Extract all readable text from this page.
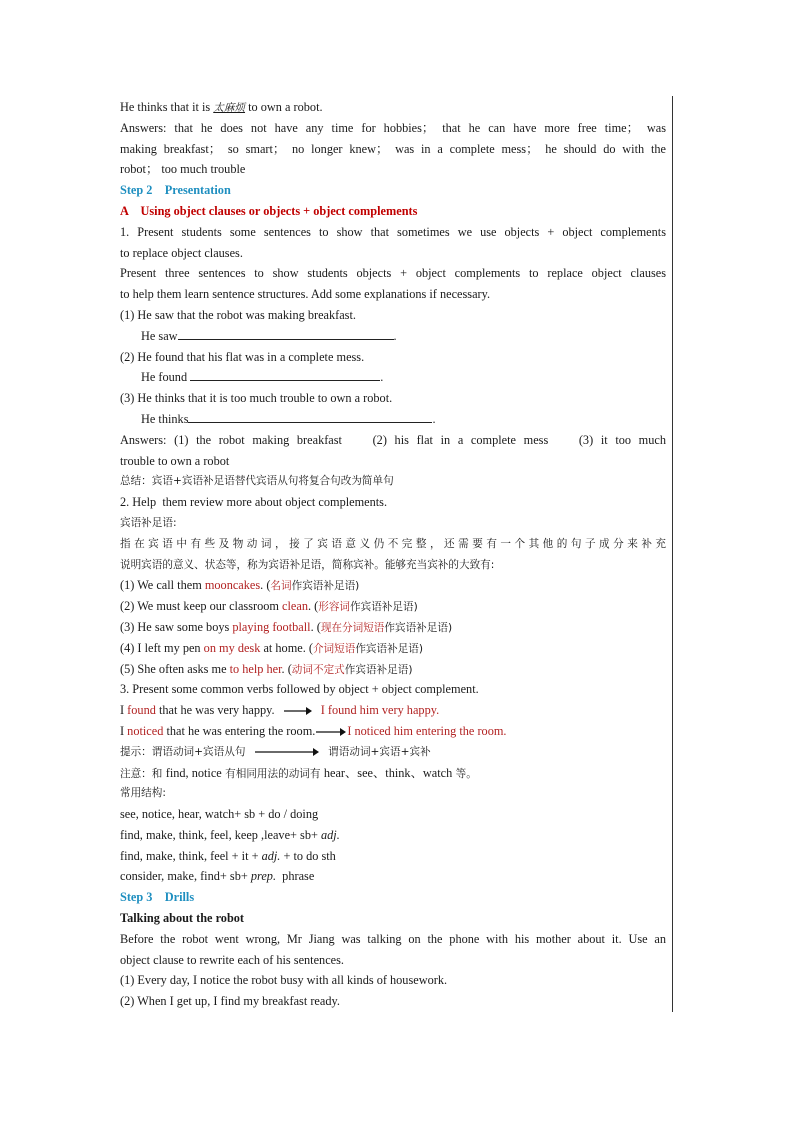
He thinks that it is 太麻烦 to own a robot.
Answers: that he does not have any time for hobbies； that he can have more free time； was
making breakfast； so smart； no longer knew； was in a complete mess； he should do with the
robot； too much trouble
Step 2    Presentation
A    Using object clauses or objects + object complements
1. Present students some sentences to show that sometimes we use objects + object complements
to replace object clauses.
Present three sentences to show students objects + object complements to replace object clauses
to help them learn sentence structures. Add some explanations if necessary.
(1) He saw that the robot was making breakfast.
He saw	.
(2) He found that his flat was in a complete mess.
He found	.
(3) He thinks that it is too much trouble to own a robot.
He thinks	.
Answers: (1) the robot making breakfast    (2) his flat in a complete mess    (3) it too much
trouble to own a robot
总结：宾语+宾语补足语替代宾语从句将复合句改为简单句
2. Help  them review more about object complements.
宾语补足语:
指在宾语中有些及物动词，接了宾语意义仍不完整，还需要有一个其他的句子成分来补充
说明宾语的意义、状态等，称为宾语补足语，简称宾补。能够充当宾补的大致有:
(1) We call them mooncakes. (名词作宾语补足语)
(2) We must keep our classroom clean. (形容词作宾语补足语)
(3) He saw some boys playing football. (现在分词短语作宾语补足语)
(4) I left my pen on my desk at home. (介词短语作宾语补足语)
(5) She often asks me to help her. (动词不定式作宾语补足语)
3. Present some common verbs followed by object + object complement.
I found that he was very happy.	I found him very happy.
I noticed that he was entering the room.	I noticed him entering the room.
提示：谓语动词+宾语从句	谓语动词+宾语+宾补
注意：和 find, notice 有相同用法的动词有 hear、see、think、watch 等。
常用结构:
see, notice, hear, watch+ sb + do / doing
find, make, think, feel, keep ,leave+ sb+ adj.
find, make, think, feel + it + adj. + to do sth
consider, make, find+ sb+ prep.  phrase
Step 3    Drills
Talking about the robot
Before the robot went wrong, Mr Jiang was talking on the phone with his mother about it. Use an
object clause to rewrite each of his sentences.
(1) Every day, I notice the robot busy with all kinds of housework.
(2) When I get up, I find my breakfast ready.
